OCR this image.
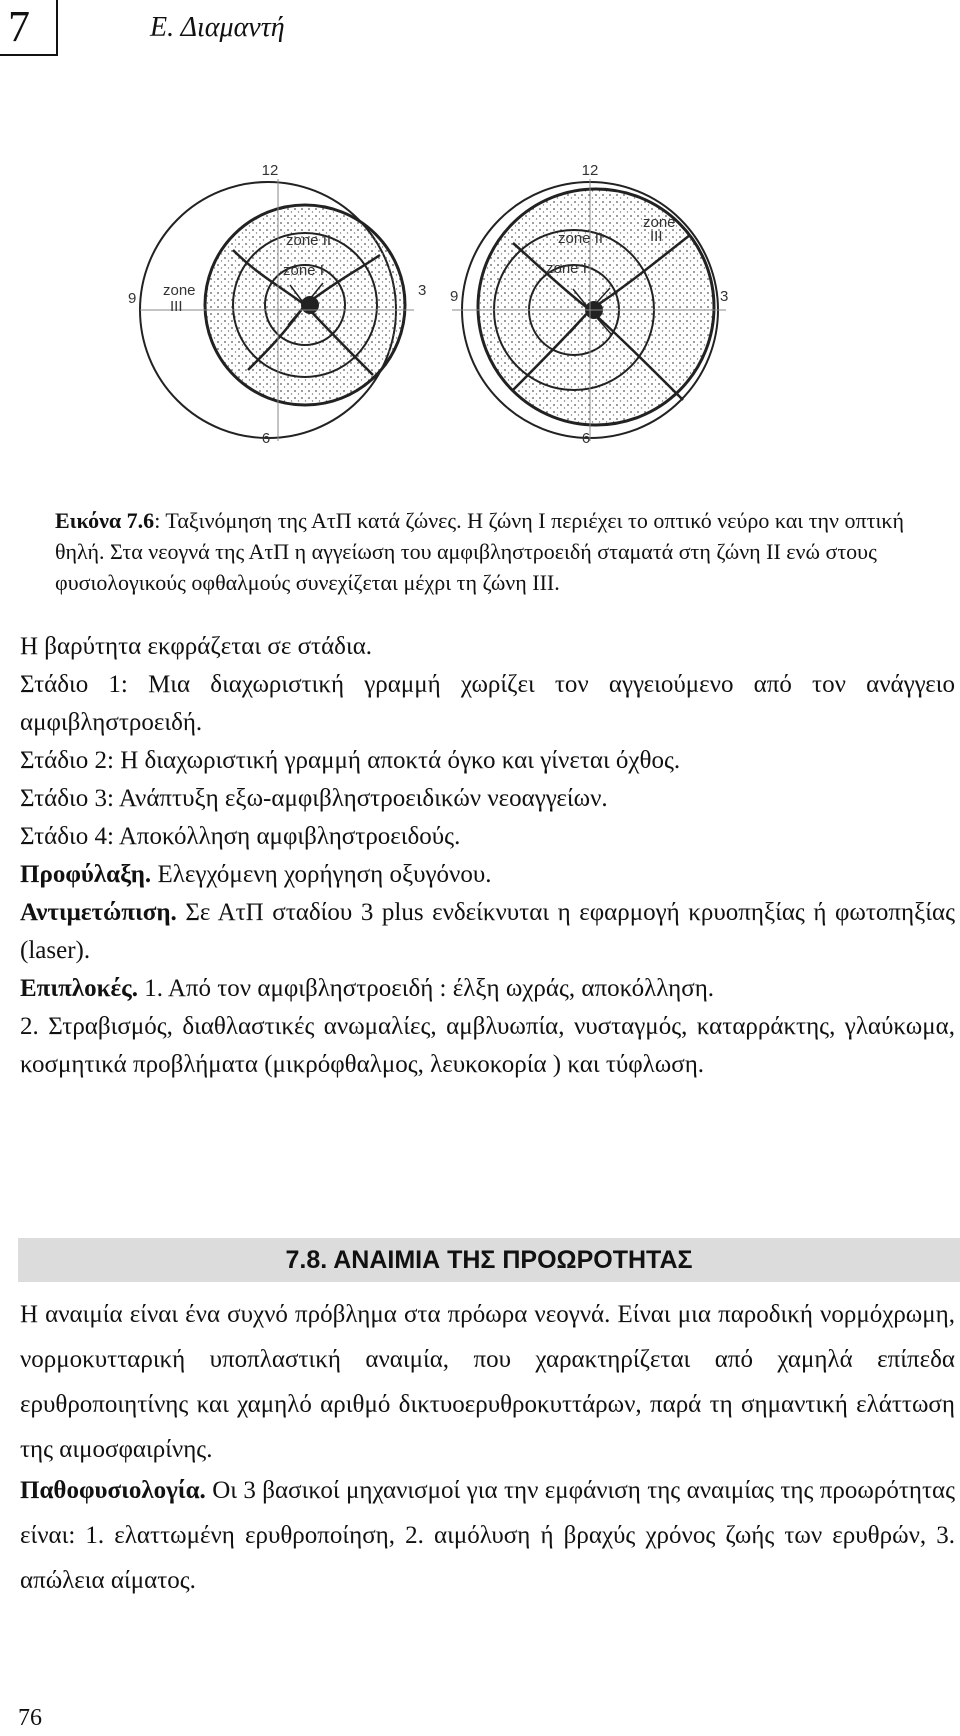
7	Ε. Διαμαντή
12
3
6
9
zone II
zone I
zone
III
12
3
6
9
zone II
zone I
zone
III
Εικόνα 7.6: Ταξινόμηση της ΑτΠ κατά ζώνες. Η ζώνη Ι περιέχει το οπτικό νεύρο και την οπτική θηλή. Στα νεογνά της ΑτΠ η αγγείωση του αμφιβληστροειδή σταματά στη ζώνη ΙΙ ενώ στους φυσιολογικούς οφθαλμούς συνεχίζεται μέχρι τη ζώνη ΙΙΙ.

Η βαρύτητα εκφράζεται σε στάδια.

Στάδιο 1: Μια διαχωριστική γραμμή χωρίζει τον αγγειούμενο από τον ανάγγειο αμφιβληστροειδή.

Στάδιο 2: Η διαχωριστική γραμμή αποκτά όγκο και γίνεται όχθος.

Στάδιο 3: Ανάπτυξη εξω-αμφιβληστροειδικών νεοαγγείων.

Στάδιο 4: Αποκόλληση αμφιβληστροειδούς.

Προφύλαξη. Ελεγχόμενη χορήγηση οξυγόνου.

Αντιμετώπιση. Σε ΑτΠ σταδίου 3 plus ενδείκνυται η εφαρμογή κρυοπηξίας ή φωτοπηξίας (laser).

Επιπλοκές. 1. Από τον αμφιβληστροειδή : έλξη ωχράς, αποκόλληση.

2. Στραβισμός, διαθλαστικές ανωμαλίες, αμβλυωπία, νυσταγμός, καταρράκτης, γλαύκωμα, κοσμητικά προβλήματα (μικρόφθαλμος, λευκοκορία ) και τύφλωση.

7.8. ΑΝΑΙΜΙΑ ΤΗΣ ΠΡΟΩΡΟΤΗΤΑΣ
Η αναιμία είναι ένα συχνό πρόβλημα στα πρόωρα νεογνά. Είναι μια παροδική νορμόχρωμη, νορμοκυτταρική υποπλαστική αναιμία, που χαρακτηρίζεται από χαμηλά επίπεδα ερυθροποιητίνης και χαμηλό αριθμό δικτυοερυθροκυττάρων, παρά τη σημαντική ελάττωση της αιμοσφαιρίνης.
Παθοφυσιολογία. Οι 3 βασικοί μηχανισμοί για την εμφάνιση της αναιμίας της προωρότητας είναι: 1. ελαττωμένη ερυθροποίηση, 2. αιμόλυση ή βραχύς χρόνος ζωής των ερυθρών, 3. απώλεια αίματος.
76
